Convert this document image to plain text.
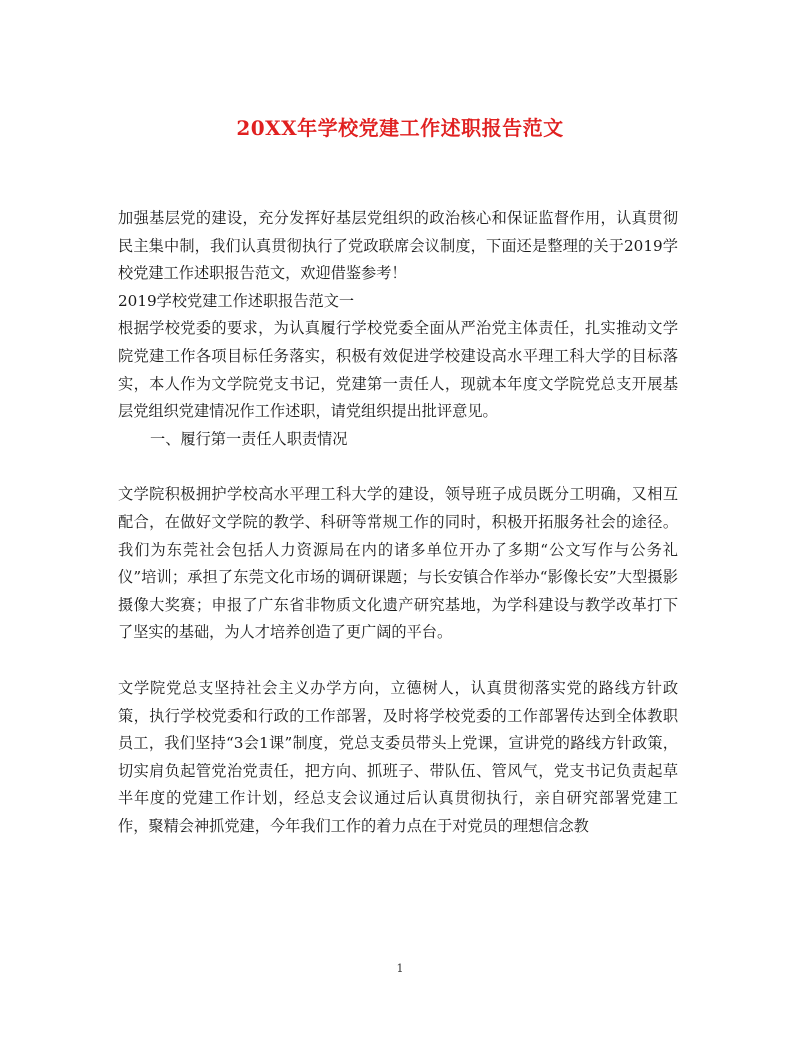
20XX年学校党建工作述职报告范文

加强基层党的建设，充分发挥好基层党组织的政治核心和保证监督作用，认真贯彻民主集中制，我们认真贯彻执行了党政联席会议制度，下面还是整理的关于2019学校党建工作述职报告范文，欢迎借鉴参考！

2019学校党建工作述职报告范文一

根据学校党委的要求，为认真履行学校党委全面从严治党主体责任，扎实推动文学院党建工作各项目标任务落实，积极有效促进学校建设高水平理工科大学的目标落实，本人作为文学院党支书记，党建第一责任人，现就本年度文学院党总支开展基层党组织党建情况作工作述职，请党组织提出批评意见。

一、履行第一责任人职责情况

文学院积极拥护学校高水平理工科大学的建设，领导班子成员既分工明确，又相互配合，在做好文学院的教学、科研等常规工作的同时，积极开拓服务社会的途径。我们为东莞社会包括人力资源局在内的诸多单位开办了多期“公文写作与公务礼仪”培训；承担了东莞文化市场的调研课题；与长安镇合作举办“影像长安”大型摄影摄像大奖赛；申报了广东省非物质文化遗产研究基地，为学科建设与教学改革打下了坚实的基础，为人才培养创造了更广阔的平台。

文学院党总支坚持社会主义办学方向，立德树人，认真贯彻落实党的路线方针政策，执行学校党委和行政的工作部署，及时将学校党委的工作部署传达到全体教职员工，我们坚持“3会1课”制度，党总支委员带头上党课，宣讲党的路线方针政策，切实肩负起管党治党责任，把方向、抓班子、带队伍、管风气，党支书记负责起草半年度的党建工作计划，经总支会议通过后认真贯彻执行，亲自研究部署党建工作，聚精会神抓党建，今年我们工作的着力点在于对党员的理想信念教

1
